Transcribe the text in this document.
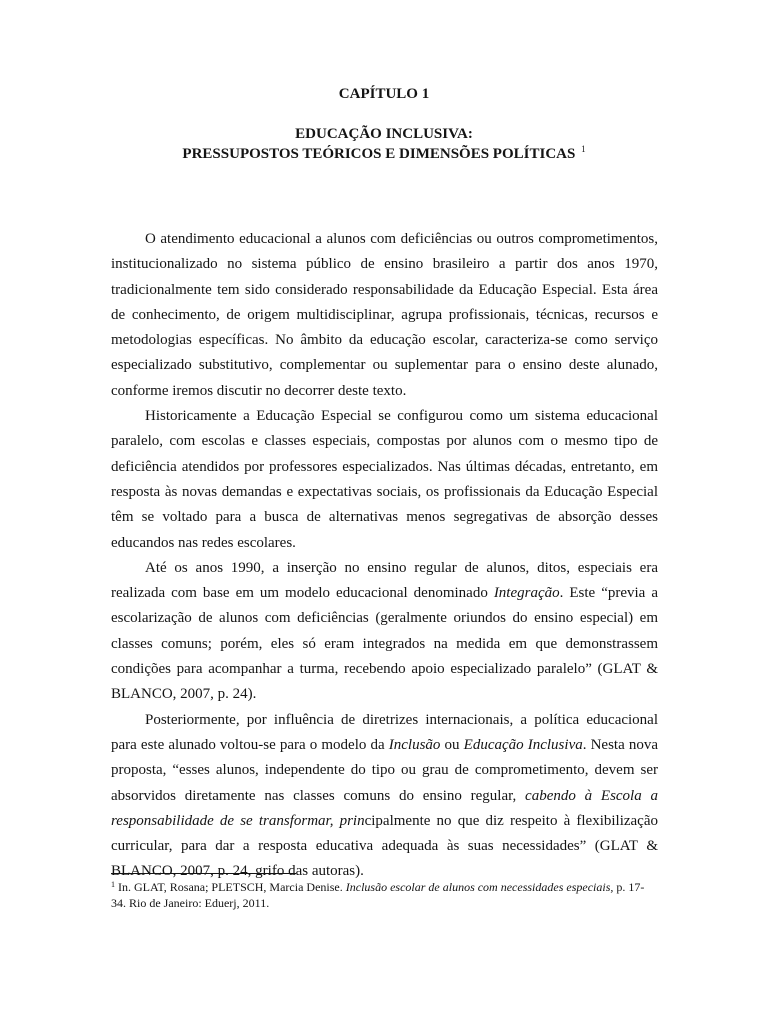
CAPÍTULO 1
EDUCAÇÃO INCLUSIVA:
PRESSUPOSTOS TEÓRICOS E DIMENSÕES POLÍTICAS $^1$

O atendimento educacional a alunos com deficiências ou outros comprometimentos, institucionalizado no sistema público de ensino brasileiro a partir dos anos 1970, tradicionalmente tem sido considerado responsabilidade da Educação Especial. Esta área de conhecimento, de origem multidisciplinar, agrupa profissionais, técnicas, recursos e metodologias específicas. No âmbito da educação escolar, caracteriza-se como serviço especializado substitutivo, complementar ou suplementar para o ensino deste alunado, conforme iremos discutir no decorrer deste texto.

Historicamente a Educação Especial se configurou como um sistema educacional paralelo, com escolas e classes especiais, compostas por alunos com o mesmo tipo de deficiência atendidos por professores especializados. Nas últimas décadas, entretanto, em resposta às novas demandas e expectativas sociais, os profissionais da Educação Especial têm se voltado para a busca de alternativas menos segregativas de absorção desses educandos nas redes escolares.

Até os anos 1990, a inserção no ensino regular de alunos, ditos, especiais era realizada com base em um modelo educacional denominado Integração. Este “previa a escolarização de alunos com deficiências (geralmente oriundos do ensino especial) em classes comuns; porém, eles só eram integrados na medida em que demonstrassem condições para acompanhar a turma, recebendo apoio especializado paralelo” (GLAT & BLANCO, 2007, p. 24).

Posteriormente, por influência de diretrizes internacionais, a política educacional para este alunado voltou-se para o modelo da Inclusão ou Educação Inclusiva. Nesta nova proposta, “esses alunos, independente do tipo ou grau de comprometimento, devem ser absorvidos diretamente nas classes comuns do ensino regular, cabendo à Escola a responsabilidade de se transformar, principalmente no que diz respeito à flexibilização curricular, para dar a resposta educativa adequada às suas necessidades” (GLAT & BLANCO, 2007, p. 24, grifo das autoras).

$^1$ In. GLAT, Rosana; PLETSCH, Marcia Denise. Inclusão escolar de alunos com necessidades especiais, p. 17-34. Rio de Janeiro: Eduerj, 2011.
